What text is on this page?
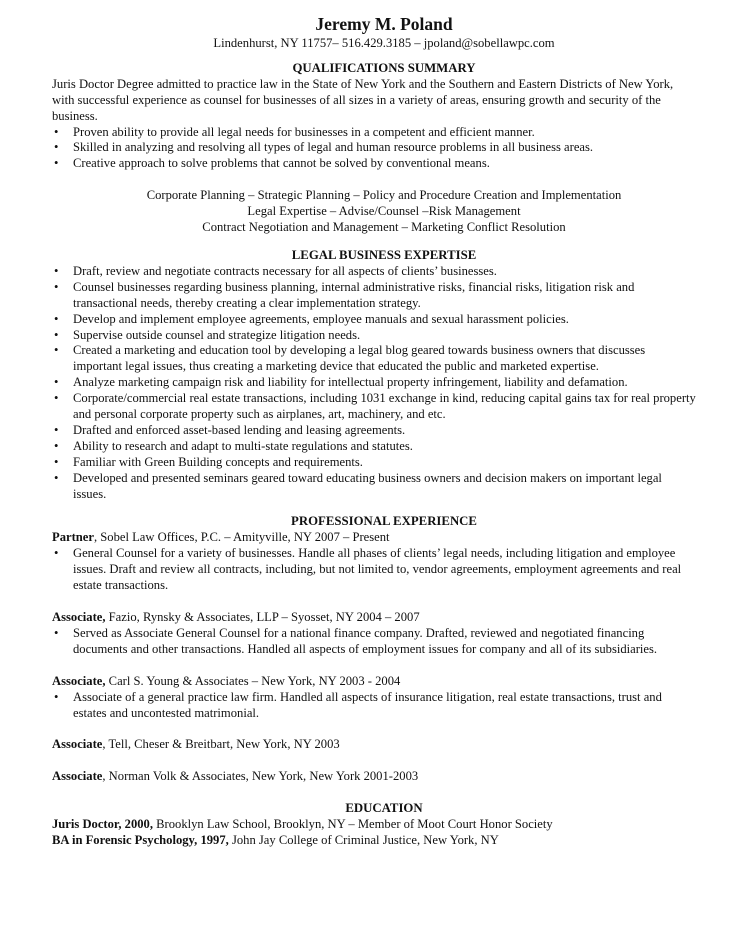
Jeremy M. Poland
Lindenhurst, NY 11757– 516.429.3185 – jpoland@sobellawpc.com
QUALIFICATIONS SUMMARY

Juris Doctor Degree admitted to practice law in the State of New York and the Southern and Eastern Districts of New York, with successful experience as counsel for businesses of all sizes in a variety of areas, ensuring growth and security of the business.

• Proven ability to provide all legal needs for businesses in a competent and efficient manner.
• Skilled in analyzing and resolving all types of legal and human resource problems in all business areas.
• Creative approach to solve problems that cannot be solved by conventional means.
Corporate Planning – Strategic Planning – Policy and Procedure Creation and Implementation
Legal Expertise – Advise/Counsel –Risk Management
Contract Negotiation and Management – Marketing Conflict Resolution
LEGAL BUSINESS EXPERTISE
• Draft, review and negotiate contracts necessary for all aspects of clients’ businesses.
• Counsel businesses regarding business planning, internal administrative risks, financial risks, litigation risk and transactional needs, thereby creating a clear implementation strategy.
• Develop and implement employee agreements, employee manuals and sexual harassment policies.
• Supervise outside counsel and strategize litigation needs.
• Created a marketing and education tool by developing a legal blog geared towards business owners that discusses important legal issues, thus creating a marketing device that educated the public and marketed expertise.
• Analyze marketing campaign risk and liability for intellectual property infringement, liability and defamation.
• Corporate/commercial real estate transactions, including 1031 exchange in kind, reducing capital gains tax for real property and personal corporate property such as airplanes, art, machinery, and etc.
• Drafted and enforced asset-based lending and leasing agreements.
• Ability to research and adapt to multi-state regulations and statutes.
• Familiar with Green Building concepts and requirements.
• Developed and presented seminars geared toward educating business owners and decision makers on important legal issues.
PROFESSIONAL EXPERIENCE

Partner, Sobel Law Offices, P.C. – Amityville, NY 2007 – Present

• General Counsel for a variety of businesses. Handle all phases of clients’ legal needs, including litigation and employee issues. Draft and review all contracts, including, but not limited to, vendor agreements, employment agreements and real estate transactions.

Associate, Fazio, Rynsky & Associates, LLP – Syosset, NY 2004 – 2007

• Served as Associate General Counsel for a national finance company. Drafted, reviewed and negotiated financing documents and other transactions. Handled all aspects of employment issues for company and all of its subsidiaries.

Associate, Carl S. Young & Associates – New York, NY 2003 - 2004

• Associate of a general practice law firm. Handled all aspects of insurance litigation, real estate transactions, trust and estates and uncontested matrimonial.

Associate, Tell, Cheser & Breitbart, New York, NY 2003

Associate, Norman Volk & Associates, New York, New York 2001-2003

EDUCATION

Juris Doctor, 2000, Brooklyn Law School, Brooklyn, NY – Member of Moot Court Honor Society

BA in Forensic Psychology, 1997, John Jay College of Criminal Justice, New York, NY
